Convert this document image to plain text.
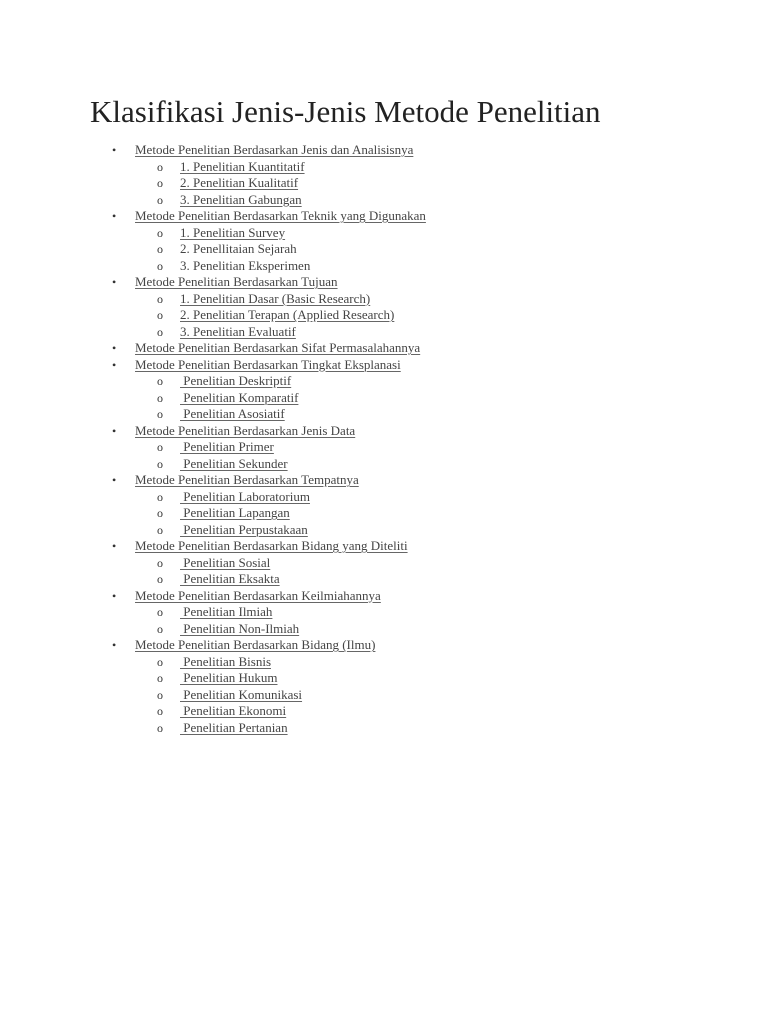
Klasifikasi Jenis-Jenis Metode Penelitian
• Metode Penelitian Berdasarkan Jenis dan Analisisnya
o 1. Penelitian Kuantitatif
o 2. Penelitian Kualitatif
o 3. Penelitian Gabungan
• Metode Penelitian Berdasarkan Teknik yang Digunakan
o 1. Penelitian Survey
o 2. Penellitaian Sejarah
o 3. Penelitian Eksperimen
• Metode Penelitian Berdasarkan Tujuan
o 1. Penelitian Dasar (Basic Research)
o 2. Penelitian Terapan (Applied Research)
o 3. Penelitian Evaluatif
• Metode Penelitian Berdasarkan Sifat Permasalahannya
• Metode Penelitian Berdasarkan Tingkat Eksplanasi
o Penelitian Deskriptif
o Penelitian Komparatif
o Penelitian Asosiatif
• Metode Penelitian Berdasarkan Jenis Data
o Penelitian Primer
o Penelitian Sekunder
• Metode Penelitian Berdasarkan Tempatnya
o Penelitian Laboratorium
o Penelitian Lapangan
o Penelitian Perpustakaan
• Metode Penelitian Berdasarkan Bidang yang Diteliti
o Penelitian Sosial
o Penelitian Eksakta
• Metode Penelitian Berdasarkan Keilmiahannya
o Penelitian Ilmiah
o Penelitian Non-Ilmiah
• Metode Penelitian Berdasarkan Bidang (Ilmu)
o Penelitian Bisnis
o Penelitian Hukum
o Penelitian Komunikasi
o Penelitian Ekonomi
o Penelitian Pertanian
